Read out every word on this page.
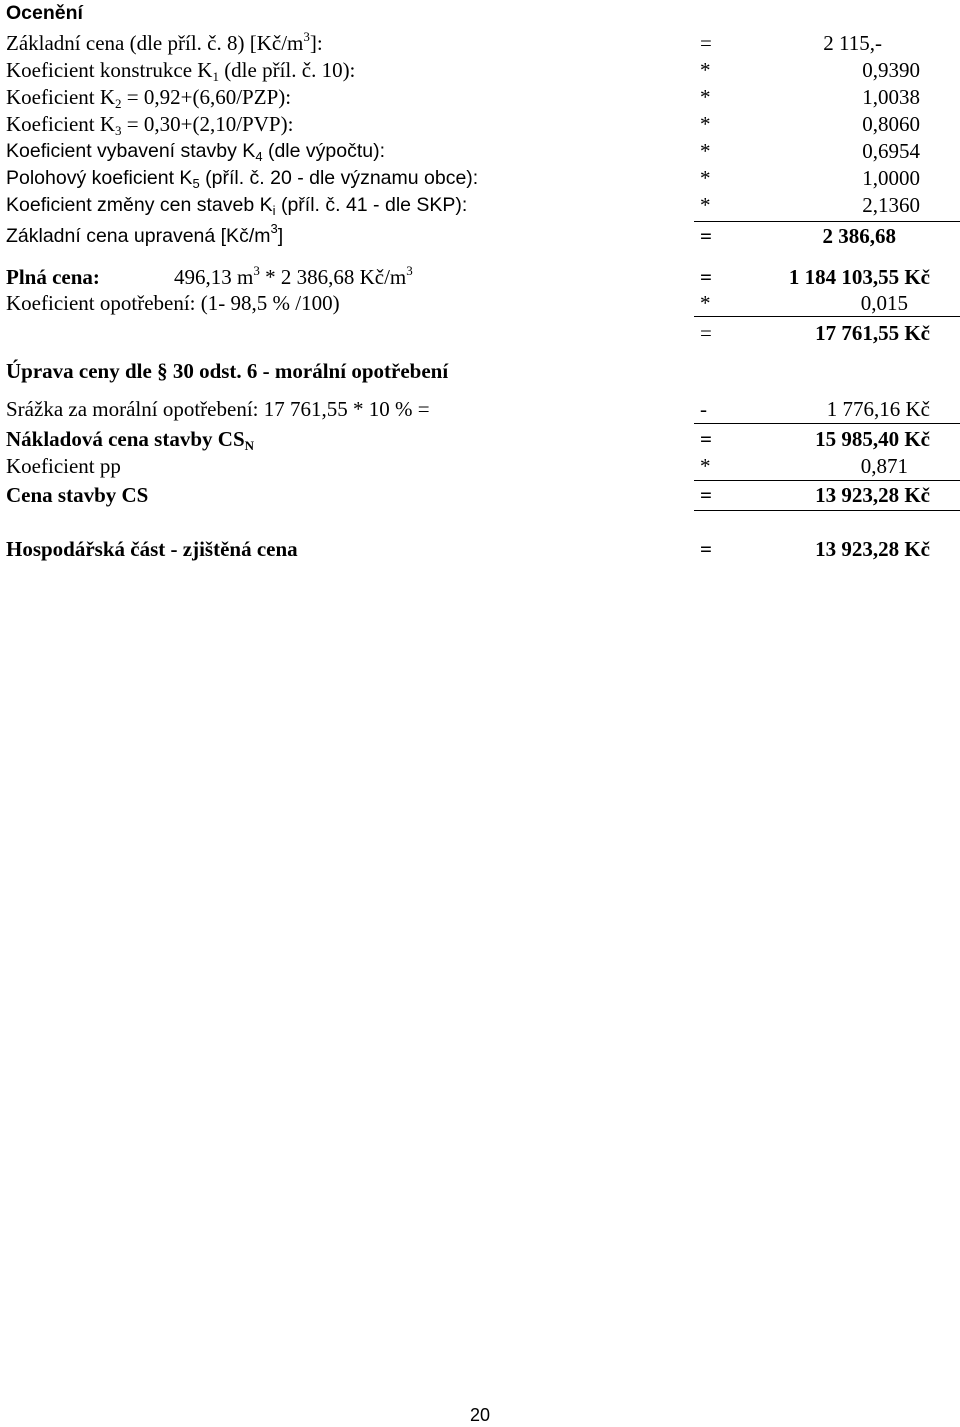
Ocenění
Základní cena (dle příl. č. 8) $[Kč/m^3]$:	=	2 115,-
Koeficient konstrukce $K_1$ (dle příl. č. 10):	*	0,9390
Koeficient $K_2 = 0,92+(6,60/PZP)$:	*	1,0038
Koeficient $K_3 = 0,30+(2,10/PVP)$:	*	0,8060
Koeficient vybavení stavby $K_4$ (dle výpočtu):	*	0,6954
Polohový koeficient $K_5$ (příl. č. 20 - dle významu obce):	*	1,0000
Koeficient změny cen staveb $K_i$ (příl. č. 41 - dle SKP):	*	2,1360
Základní cena upravená $[Kč/m^3]$	=	2 386,68
Plná cena:	496,13 $m^3 * 2$ 386,68 $Kč/m^3$	=	1 184 103,55 Kč
Koeficient opotřebení: (1- 98,5 % /100)	*	0,015
=	17 761,55 Kč
Úprava ceny dle § 30 odst. 6 - morální opotřebení
Srážka za morální opotřebení: 17 761,55 * 10 % =	-	1 776,16 Kč
Nákladová cena stavby $CS_N$	=	15 985,40 Kč
Koeficient pp	*	0,871
Cena stavby CS	=	13 923,28 Kč
Hospodářská část - zjištěná cena	=	13 923,28 Kč
20
